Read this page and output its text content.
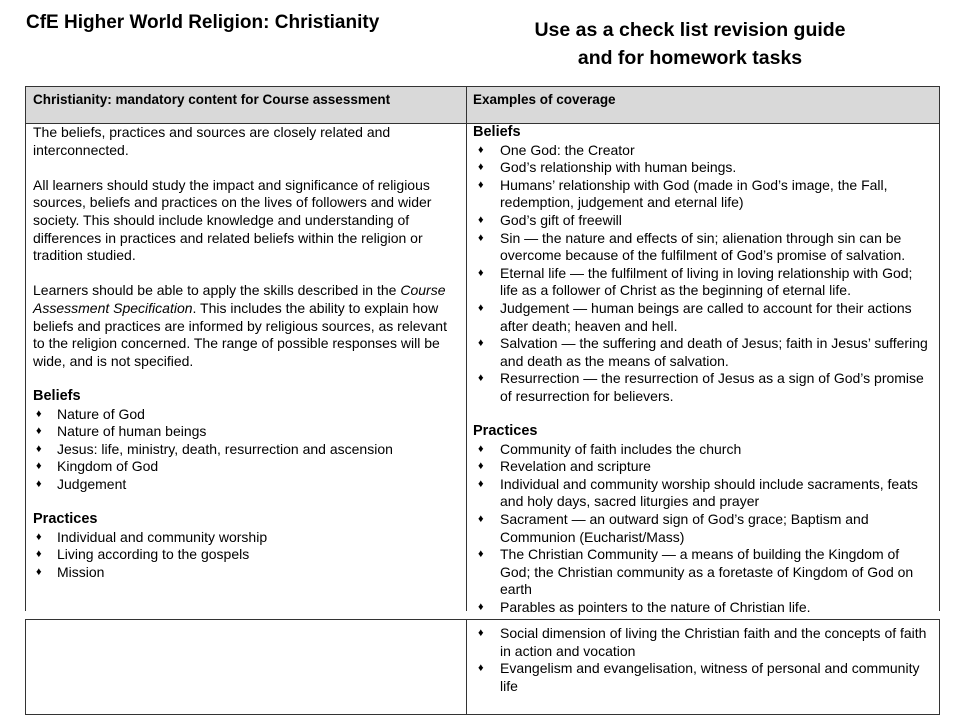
CfE Higher World Religion: Christianity	Use as a check list revision guide
and for homework tasks
Christianity: mandatory content for Course assessment	Examples of coverage

The beliefs, practices and sources are closely related and interconnected.

All learners should study the impact and significance of religious sources, beliefs and practices on the lives of followers and wider society. This should include knowledge and understanding of differences in practices and related beliefs within the religion or tradition studied.

Learners should be able to apply the skills described in the Course Assessment Specification. This includes the ability to explain how beliefs and practices are informed by religious sources, as relevant to the religion concerned. The range of possible responses will be wide, and is not specified.

Beliefs

♦ Nature of God
♦ Nature of human beings
♦ Jesus: life, ministry, death, resurrection and ascension
♦ Kingdom of God
♦ Judgement

Practices

♦ Individual and community worship
♦ Living according to the gospels
♦ Mission

Beliefs

♦ One God: the Creator
♦ God’s relationship with human beings.
♦ Humans’ relationship with God (made in God’s image, the Fall, redemption, judgement and eternal life)
♦ God’s gift of freewill
♦ Sin — the nature and effects of sin; alienation through sin can be overcome because of the fulfilment of God’s promise of salvation.
♦ Eternal life — the fulfilment of living in loving relationship with God; life as a follower of Christ as the beginning of eternal life.
♦ Judgement — human beings are called to account for their actions after death; heaven and hell.
♦ Salvation — the suffering and death of Jesus; faith in Jesus’ suffering and death as the means of salvation.
♦ Resurrection — the resurrection of Jesus as a sign of God’s promise of resurrection for believers.

Practices

♦ Community of faith includes the church
♦ Revelation and scripture
♦ Individual and community worship should include sacraments, feats and holy days, sacred liturgies and prayer
♦ Sacrament — an outward sign of God’s grace; Baptism and Communion (Eucharist/Mass)
♦ The Christian Community — a means of building the Kingdom of God; the Christian community as a foretaste of Kingdom of God on earth
♦ Parables as pointers to the nature of Christian life.
♦ Social dimension of living the Christian faith and the concepts of faith in action and vocation
♦ Evangelism and evangelisation, witness of personal and community life
